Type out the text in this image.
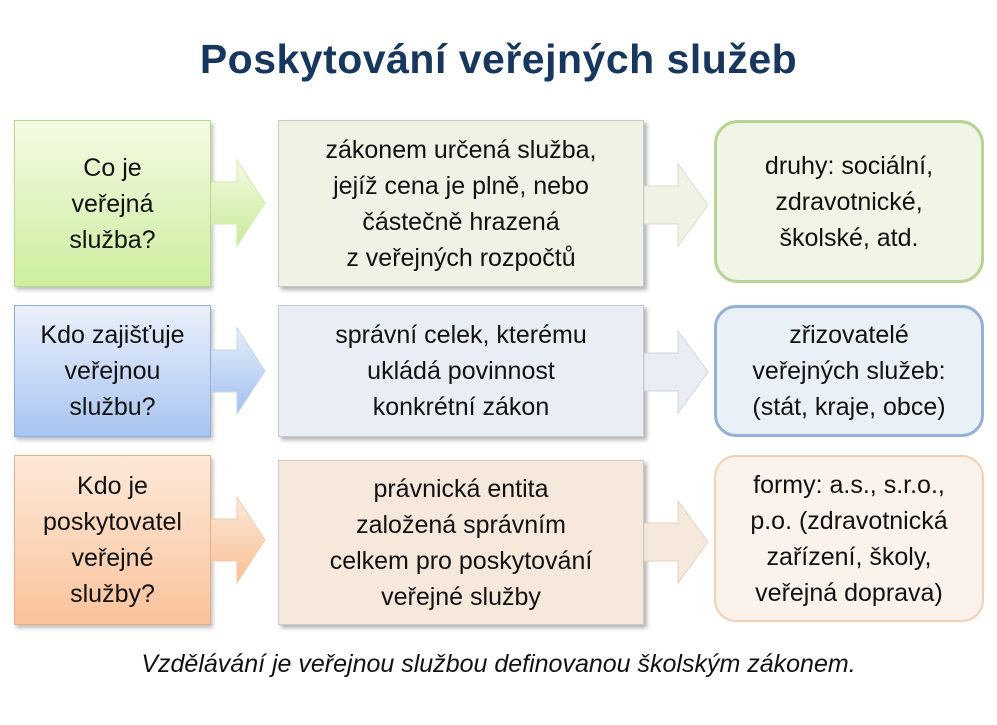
Poskytování veřejných služeb
Co je
veřejná
služba?
zákonem určená služba,
jejíž cena je plně, nebo
částečně hrazená
z veřejných rozpočtů
druhy: sociální,
zdravotnické,
školské, atd.
Kdo zajišťuje
veřejnou
službu?
správní celek, kterému
ukládá povinnost
konkrétní zákon
zřizovatelé
veřejných služeb:
(stát, kraje, obce)
Kdo je
poskytovatel
veřejné
služby?
právnická entita
založená správním
celkem pro poskytování
veřejné služby
formy: a.s., s.r.o.,
p.o. (zdravotnická
zařízení, školy,
veřejná doprava)
Vzdělávání je veřejnou službou definovanou školským zákonem.
